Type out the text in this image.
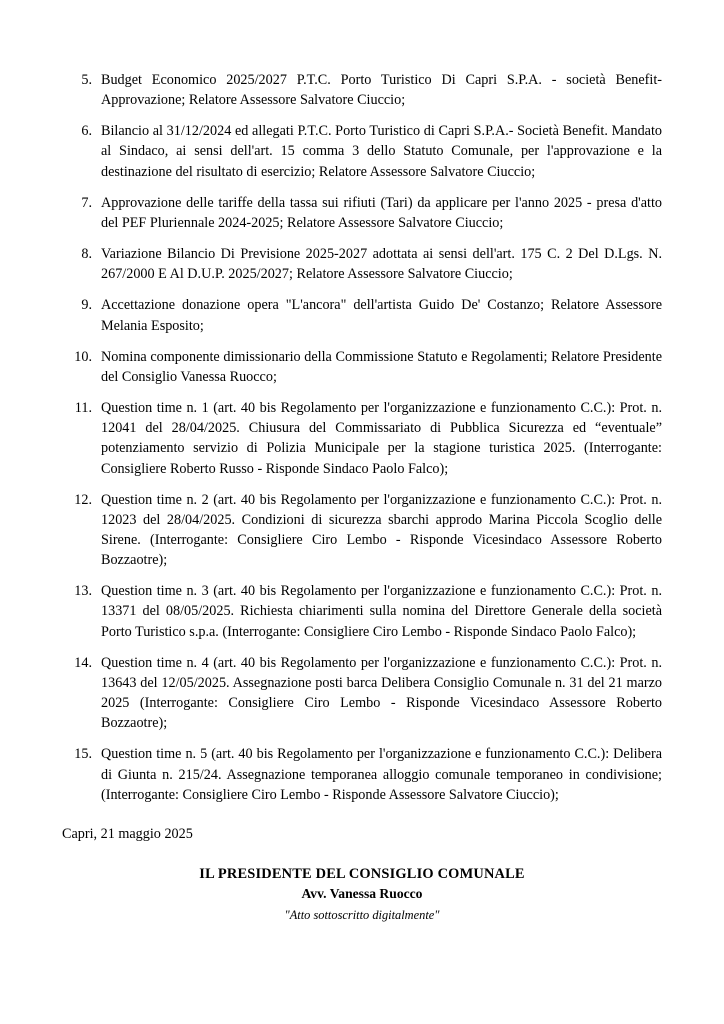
5. Budget Economico 2025/2027 P.T.C. Porto Turistico Di Capri S.P.A. - società Benefit- Approvazione; Relatore Assessore Salvatore Ciuccio;
6. Bilancio al 31/12/2024 ed allegati P.T.C. Porto Turistico di Capri S.P.A.- Società Benefit. Mandato al Sindaco, ai sensi dell'art. 15 comma 3 dello Statuto Comunale, per l'approvazione e la destinazione del risultato di esercizio; Relatore Assessore Salvatore Ciuccio;
7. Approvazione delle tariffe della tassa sui rifiuti (Tari) da applicare per l'anno 2025 - presa d'atto del PEF Pluriennale 2024-2025; Relatore Assessore Salvatore Ciuccio;
8. Variazione Bilancio Di Previsione 2025-2027 adottata ai sensi dell'art. 175 C. 2 Del D.Lgs. N. 267/2000 E Al D.U.P. 2025/2027; Relatore Assessore Salvatore Ciuccio;
9. Accettazione donazione opera "L'ancora" dell'artista Guido De' Costanzo; Relatore Assessore Melania Esposito;
10. Nomina componente dimissionario della Commissione Statuto e Regolamenti; Relatore Presidente del Consiglio Vanessa Ruocco;
11. Question time n. 1 (art. 40 bis Regolamento per l'organizzazione e funzionamento C.C.): Prot. n. 12041 del 28/04/2025. Chiusura del Commissariato di Pubblica Sicurezza ed “eventuale” potenziamento servizio di Polizia Municipale per la stagione turistica 2025. (Interrogante: Consigliere Roberto Russo - Risponde Sindaco Paolo Falco);
12. Question time n. 2 (art. 40 bis Regolamento per l'organizzazione e funzionamento C.C.): Prot. n. 12023 del 28/04/2025. Condizioni di sicurezza sbarchi approdo Marina Piccola Scoglio delle Sirene. (Interrogante: Consigliere Ciro Lembo - Risponde Vicesindaco Assessore Roberto Bozzaotre);
13. Question time n. 3 (art. 40 bis Regolamento per l'organizzazione e funzionamento C.C.): Prot. n. 13371 del 08/05/2025. Richiesta chiarimenti sulla nomina del Direttore Generale della società Porto Turistico s.p.a. (Interrogante: Consigliere Ciro Lembo - Risponde Sindaco Paolo Falco);
14. Question time n. 4 (art. 40 bis Regolamento per l'organizzazione e funzionamento C.C.): Prot. n. 13643 del 12/05/2025. Assegnazione posti barca Delibera Consiglio Comunale n. 31 del 21 marzo 2025 (Interrogante: Consigliere Ciro Lembo - Risponde Vicesindaco Assessore Roberto Bozzaotre);
15. Question time n. 5 (art. 40 bis Regolamento per l'organizzazione e funzionamento C.C.): Delibera di Giunta n. 215/24. Assegnazione temporanea alloggio comunale temporaneo in condivisione; (Interrogante: Consigliere Ciro Lembo - Risponde Assessore Salvatore Ciuccio);
Capri, 21 maggio 2025
IL PRESIDENTE DEL CONSIGLIO COMUNALE
Avv. Vanessa Ruocco
"Atto sottoscritto digitalmente"
